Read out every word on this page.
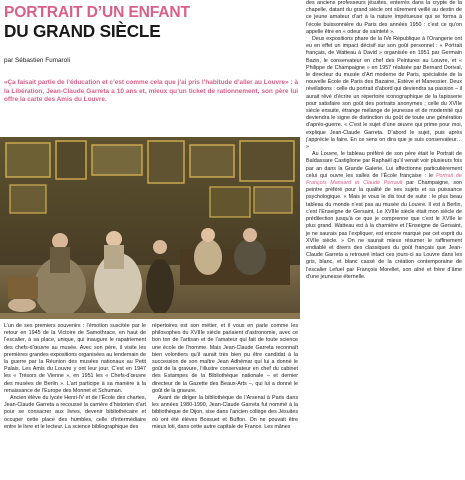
PORTRAIT D’UN ENFANT
DU GRAND SIÈCLE
par Sébastien Fumaroli
«Ça faisait partie de l’éducation et c’est comme cela que j’ai pris l’habitude d’aller au Louvre» : à la Libération, Jean-Claude Garreta a 10 ans et, mieux qu’un ticket de rationnement, son père lui offre la carte des Amis du Louvre.

L’un de ses premiers souvenirs : l’émotion suscitée par le retour en 1945 de la Victoire de Samothrace, en haut de l’escalier, à sa place, unique, qui inaugure le rapatriement des chefs-d’œuvre au musée. Avec son père, il visite les premières grandes expositions organisées au lendemain de la guerre par la Réunion des musées nationaux au Petit Palais. Les Amis du Louvre y ont leur jour. C’est en 1947 les « Trésors de Vienne », en 1951 les « Chefs-d’œuvre des musées de Berlin ». L’art participe à sa manière à la renaissance de l’Europe des Monnet et Schuman.

Ancien élève du lycée Henri-IV et de l’École des chartes, Jean-Claude Garreta a recoussé la carrière d’historien d’art pour se consacrer aux livres, devenir bibliothécaire et occuper cette place des humbles, celle d’intermédiaire entre le livre et le lecteur. La science bibliographique des

répertoires est son métier, et il vous en parle comme les philosophes du XVIIIe siècle parlaient d’astronomie, avec ce bon ton de l’artisan et de l’amateur qui fait de toute science une école de l’homme. Mais Jean-Claude Garreta reconnaît bien volontiers qu’il aurait très bien pu être candidat à la succession de son maître Jean Adhémar qui lui a donné le goût de la gravure, l’illustre conservateur en chef du cabinet des Estampes de la Bibliothèque nationale – et dernier directeur de la Gazette des Beaux-Arts –, qui lui a donné le goût de la gravure.

Avant de diriger la bibliothèque de l’Arsenal à Paris dans les années 1980-1990, Jean-Claude Garreta fut nommé à la bibliothèque de Dijon, sise dans l’ancien collège des Jésuites où ont été élèves Bossuet et Buffon. On ne pouvait être mieux loti, dans cette autre capitale de France. Les mânes

des anciens professeurs jésuites, enterrés dans la crypte de la chapelle, datant du grand siècle ont sûrement veillé au destin de ce jeune amateur d’art à la nature impétueuse qui se forma à l’école buissonnière du Paris des années 1950 : c’est ce qu’on appelle être en « odeur de sainteté ».

Deux expositions phare de la IVe République à l’Orangerie ont eu en effet un impact décisif sur son goût personnel : « Portrait français, de Watteau à David » organisée en 1951 par Germain Bazin, le conservateur en chef des Peintures au Louvre, et « Philippe de Champaigne » en 1957 réalisée par Bernard Dorival, le directeur du musée d’Art moderne de Paris, spécialiste de la nouvelle École de Paris des Bazaine, Estève et Manessier. Deux révélations : celle du portrait d’abord qui deviendra sa passion – il aurait rêvé d’écrire un répertoire iconographique de la tapisserie pour satisfaire son goût des portraits anonymes ; celle du XVIIe siècle ensuite, étrange mélange de jeunesse et de modernité qui deviendra le signe de distinction du goût de toute une génération d’après-guerre. « C’est le sujet d’une œuvre qui prime pour moi, explique Jean-Claude Garreta. D’abord le sujet, puis après j’apprécie la faire. En ce sens on dira que je suis conservateur… »

Au Louvre, le tableau préféré de son père était le Portrait de Baldassare Castiglione par Raphaël qu’il venait voir plusieurs fois par an dans la Grande Galerie. Lui affectionne particulièrement celui qui ouvre les salles de l’École française : le Portrait de François Mansard et Claude Perrault par Champaigne, son peintre préféré pour la qualité de ses sujets et sa puissance psychologique. « Mais je vous le dis tout de suite : le plus beau tableau du monde n’est pas au musée du Louvre. Il est à Berlin, c’est l’Enseigne de Gersaint. Le XVIIIe siècle était mon siècle de prédilection jusqu’à ce que je comprenne que c’est le XVIIe le plus grand. Watteau est à la charnière et l’Enseigne de Gersaint, je ne saurais pas l’expliquer, est encore marqué par cet esprit du XVIIe siècle. » On ne saurait mieux résumer le raffinement endiablé et divers des classiques du goût français que Jean-Claude Garreta a retrouvé intact ces jours-ci au Louvre dans les gris, blanc, et blanc cassé de la création contemporaine de l’escalier Lefuel par François Morellet, son aîné et frère d’âme d’une jeunesse éternelle.
